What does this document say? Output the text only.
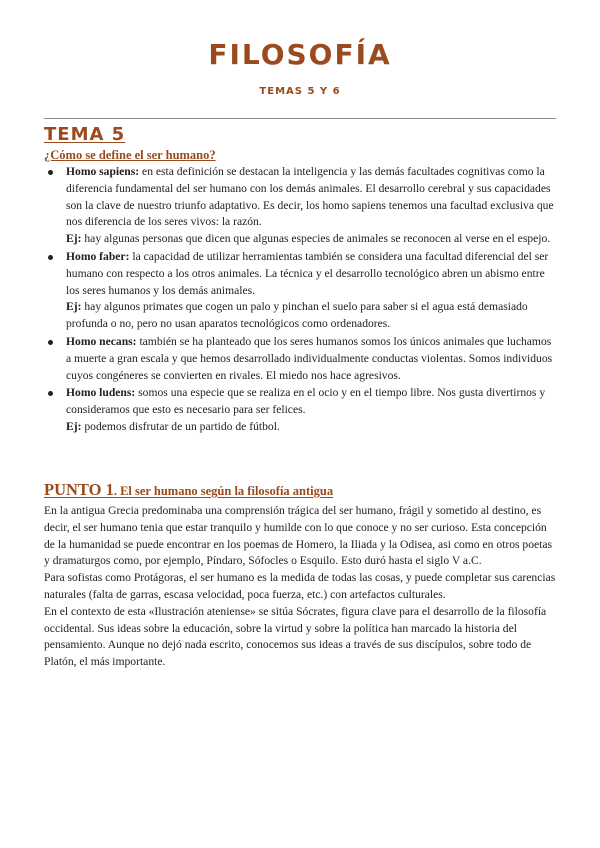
FILOSOFÍA
TEMAS 5 Y 6
TEMA 5
¿Cómo se define el ser humano?
Homo sapiens: en esta definición se destacan la inteligencia y las demás facultades cognitivas como la diferencia fundamental del ser humano con los demás animales. El desarrollo cerebral y sus capacidades son la clave de nuestro triunfo adaptativo. Es decir, los homo sapiens tenemos una facultad exclusiva que nos diferencia de los seres vivos: la razón.
Ej: hay algunas personas que dicen que algunas especies de animales se reconocen al verse en el espejo.
Homo faber: la capacidad de utilizar herramientas también se considera una facultad diferencial del ser humano con respecto a los otros animales. La técnica y el desarrollo tecnológico abren un abismo entre los seres humanos y los demás animales.
Ej: hay algunos primates que cogen un palo y pinchan el suelo para saber si el agua está demasiado profunda o no, pero no usan aparatos tecnológicos como ordenadores.
Homo necans: también se ha planteado que los seres humanos somos los únicos animales que luchamos a muerte a gran escala y que hemos desarrollado individualmente conductas violentas. Somos individuos cuyos congéneres se convierten en rivales. El miedo nos hace agresivos.
Homo ludens: somos una especie que se realiza en el ocio y en el tiempo libre. Nos gusta divertirnos y consideramos que esto es necesario para ser felices.
Ej: podemos disfrutar de un partido de fútbol.
PUNTO 1. El ser humano según la filosofía antigua

En la antigua Grecia predominaba una comprensión trágica del ser humano, frágil y sometido al destino, es decir, el ser humano tenia que estar tranquilo y humilde con lo que conoce y no ser curioso. Esta concepción de la humanidad se puede encontrar en los poemas de Homero, la Iliada y la Odisea, asi como en otros poetas y dramaturgos como, por ejemplo, Píndaro, Sófocles o Esquilo. Esto duró hasta el siglo V a.C.

Para sofistas como Protágoras, el ser humano es la medida de todas las cosas, y puede completar sus carencias naturales (falta de garras, escasa velocidad, poca fuerza, etc.) con artefactos culturales.

En el contexto de esta «Ilustración ateniense» se sitúa Sócrates, figura clave para el desarrollo de la filosofía occidental. Sus ideas sobre la educación, sobre la virtud y sobre la política han marcado la historia del pensamiento. Aunque no dejó nada escrito, conocemos sus ideas a través de sus discípulos, sobre todo de Platón, el más importante.
